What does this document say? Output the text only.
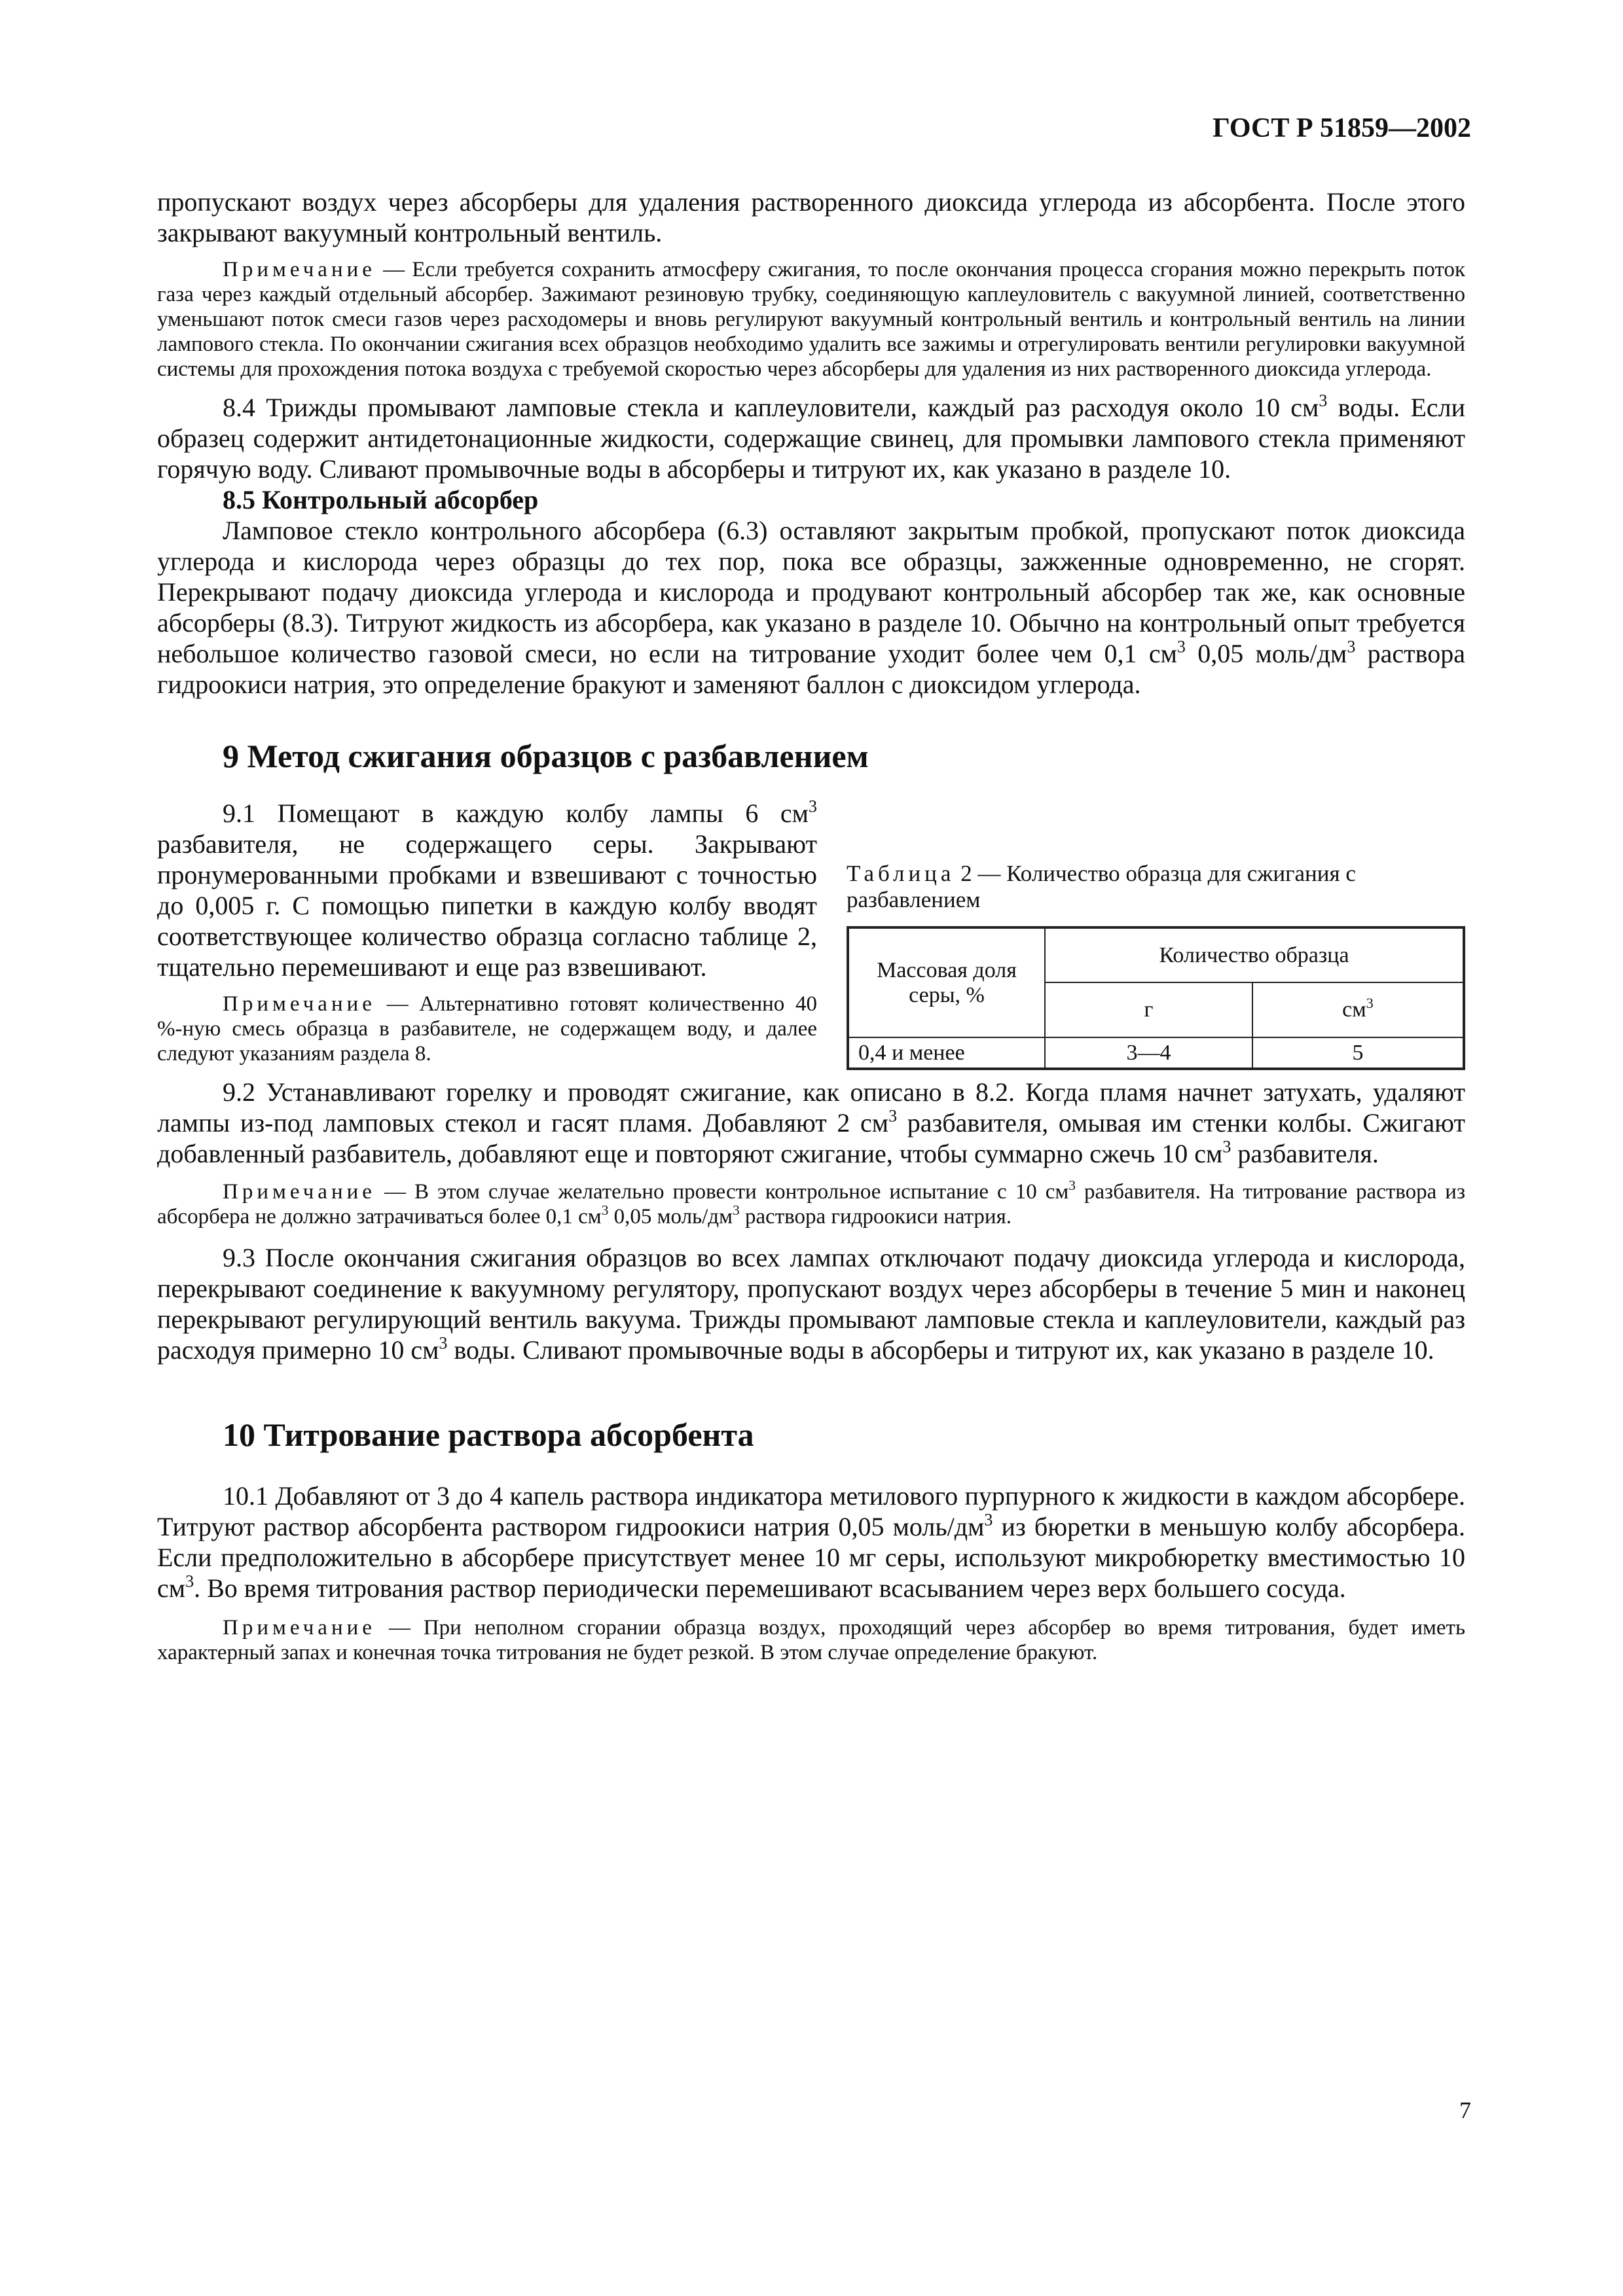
ГОСТ Р 51859—2002

пропускают воздух через абсорберы для удаления растворенного диоксида углерода из абсорбента. После этого закрывают вакуумный контрольный вентиль.

Примечание — Если требуется сохранить атмосферу сжигания, то после окончания процесса сгорания можно перекрыть поток газа через каждый отдельный абсорбер. Зажимают резиновую трубку, соединяющую каплеуловитель с вакуумной линией, соответственно уменьшают поток смеси газов через расходомеры и вновь регулируют вакуумный контрольный вентиль и контрольный вентиль на линии лампового стекла. По окончании сжигания всех образцов необходимо удалить все зажимы и отрегулировать вентили регулировки вакуумной системы для прохождения потока воздуха с требуемой скоростью через абсорберы для удаления из них растворенного диоксида углерода.

8.4 Трижды промывают ламповые стекла и каплеуловители, каждый раз расходуя около 10 $см^3$ воды. Если образец содержит антидетонационные жидкости, содержащие свинец, для промывки лампового стекла применяют горячую воду. Сливают промывочные воды в абсорберы и титруют их, как указано в разделе 10.

8.5 Контрольный абсорбер

Ламповое стекло контрольного абсорбера (6.3) оставляют закрытым пробкой, пропускают поток диоксида углерода и кислорода через образцы до тех пор, пока все образцы, зажженные одновременно, не сгорят. Перекрывают подачу диоксида углерода и кислорода и продувают контрольный абсорбер так же, как основные абсорберы (8.3). Титруют жидкость из абсорбера, как указано в разделе 10. Обычно на контрольный опыт требуется небольшое количество газовой смеси, но если на титрование уходит более чем 0,1 $см^3$ 0,05 моль/$дм^3$ раствора гидроокиси натрия, это определение бракуют и заменяют баллон с диоксидом углерода.

9 Метод сжигания образцов с разбавлением
Таблица 2 — Количество образца для сжигания с разбавлением
Массовая доля серы, %	Количество образца	
	г	$см^3$
0,4 и менее	3—4	5

9.1 Помещают в каждую колбу лампы 6 $см^3$ разбавителя, не содержащего серы. Закрывают пронумерованными пробками и взвешивают с точностью до 0,005 г. С помощью пипетки в каждую колбу вводят соответствующее количество образца согласно таблице 2, тщательно перемешивают и еще раз взвешивают.

Примечание — Альтернативно готовят количественно 40 %-ную смесь образца в разбавителе, не содержащем воду, и далее следуют указаниям раздела 8.

9.2 Устанавливают горелку и проводят сжигание, как описано в 8.2. Когда пламя начнет затухать, удаляют лампы из-под ламповых стекол и гасят пламя. Добавляют 2 $см^3$ разбавителя, омывая им стенки колбы. Сжигают добавленный разбавитель, добавляют еще и повторяют сжигание, чтобы суммарно сжечь 10 $см^3$ разбавителя.

Примечание — В этом случае желательно провести контрольное испытание с 10 $см^3$ разбавителя. На титрование раствора из абсорбера не должно затрачиваться более 0,1 $см^3$ 0,05 моль/$дм^3$ раствора гидроокиси натрия.

9.3 После окончания сжигания образцов во всех лампах отключают подачу диоксида углерода и кислорода, перекрывают соединение к вакуумному регулятору, пропускают воздух через абсорберы в течение 5 мин и наконец перекрывают регулирующий вентиль вакуума. Трижды промывают ламповые стекла и каплеуловители, каждый раз расходуя примерно 10 $см^3$ воды. Сливают промывочные воды в абсорберы и титруют их, как указано в разделе 10.

10 Титрование раствора абсорбента

10.1 Добавляют от 3 до 4 капель раствора индикатора метилового пурпурного к жидкости в каждом абсорбере. Титруют раствор абсорбента раствором гидроокиси натрия 0,05 моль/$дм^3$ из бюретки в меньшую колбу абсорбера. Если предположительно в абсорбере присутствует менее 10 мг серы, используют микробюретку вместимостью 10 $см^3$. Во время титрования раствор периодически перемешивают всасыванием через верх большего сосуда.

Примечание — При неполном сгорании образца воздух, проходящий через абсорбер во время титрования, будет иметь характерный запах и конечная точка титрования не будет резкой. В этом случае определение бракуют.

7
